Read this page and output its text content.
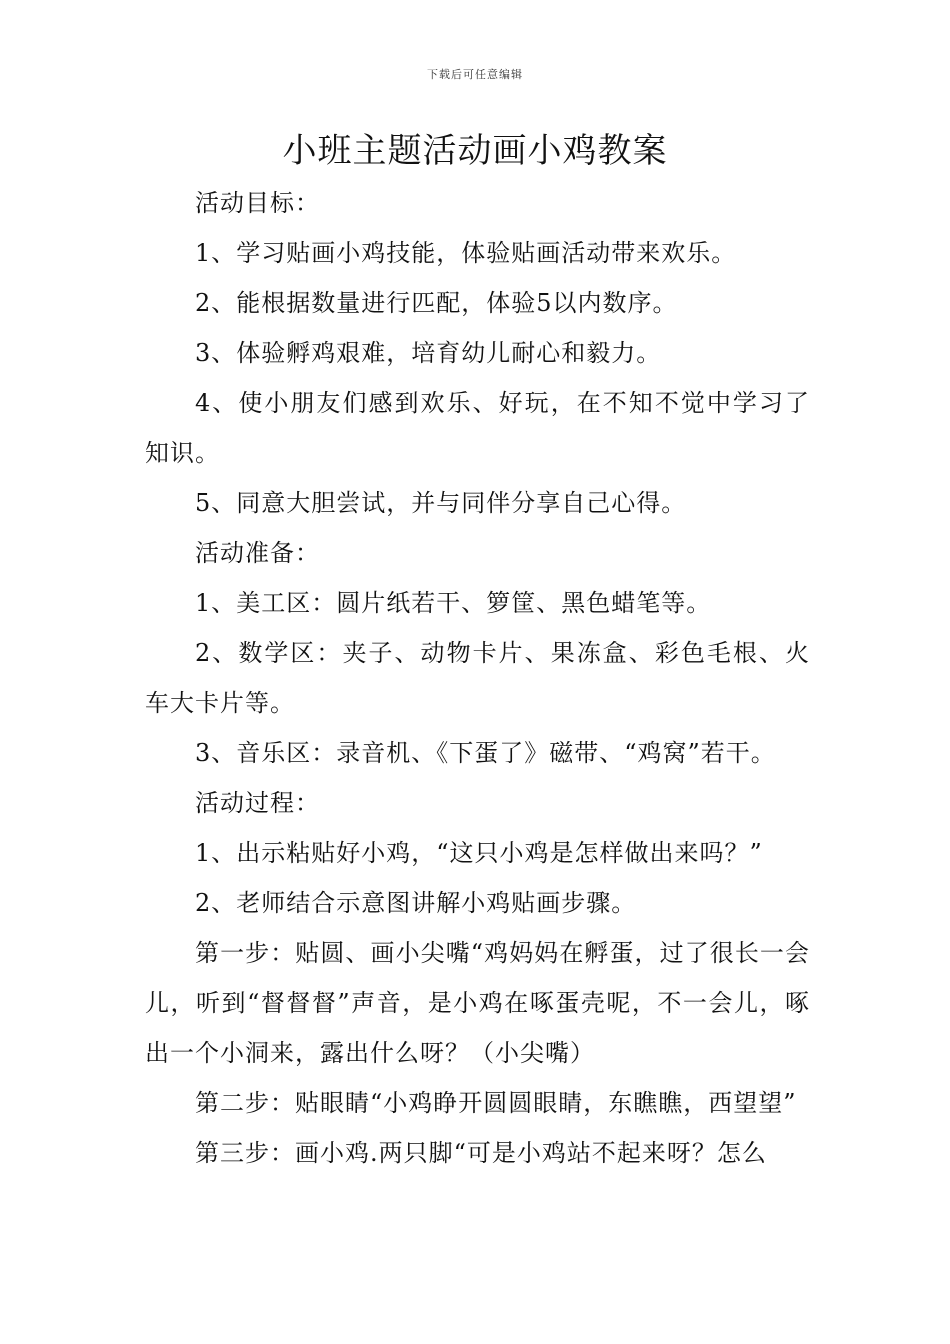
下载后可任意编辑
小班主题活动画小鸡教案

活动目标：

1、学习贴画小鸡技能，体验贴画活动带来欢乐。

2、能根据数量进行匹配，体验5以内数序。

3、体验孵鸡艰难，培育幼儿耐心和毅力。

4、使小朋友们感到欢乐、好玩，在不知不觉中学习了知识。

5、同意大胆尝试，并与同伴分享自己心得。

活动准备：

1、美工区：圆片纸若干、箩筐、黑色蜡笔等。

2、数学区：夹子、动物卡片、果冻盒、彩色毛根、火车大卡片等。

3、音乐区：录音机、《下蛋了》磁带、“鸡窝”若干。

活动过程：

1、出示粘贴好小鸡，“这只小鸡是怎样做出来吗？”

2、老师结合示意图讲解小鸡贴画步骤。

第一步：贴圆、画小尖嘴“鸡妈妈在孵蛋，过了很长一会儿，听到“督督督”声音，是小鸡在啄蛋壳呢，不一会儿，啄出一个小洞来，露出什么呀？（小尖嘴）

第二步：贴眼睛“小鸡睁开圆圆眼睛，东瞧瞧，西望望”

第三步：画小鸡.两只脚“可是小鸡站不起来呀？怎么
